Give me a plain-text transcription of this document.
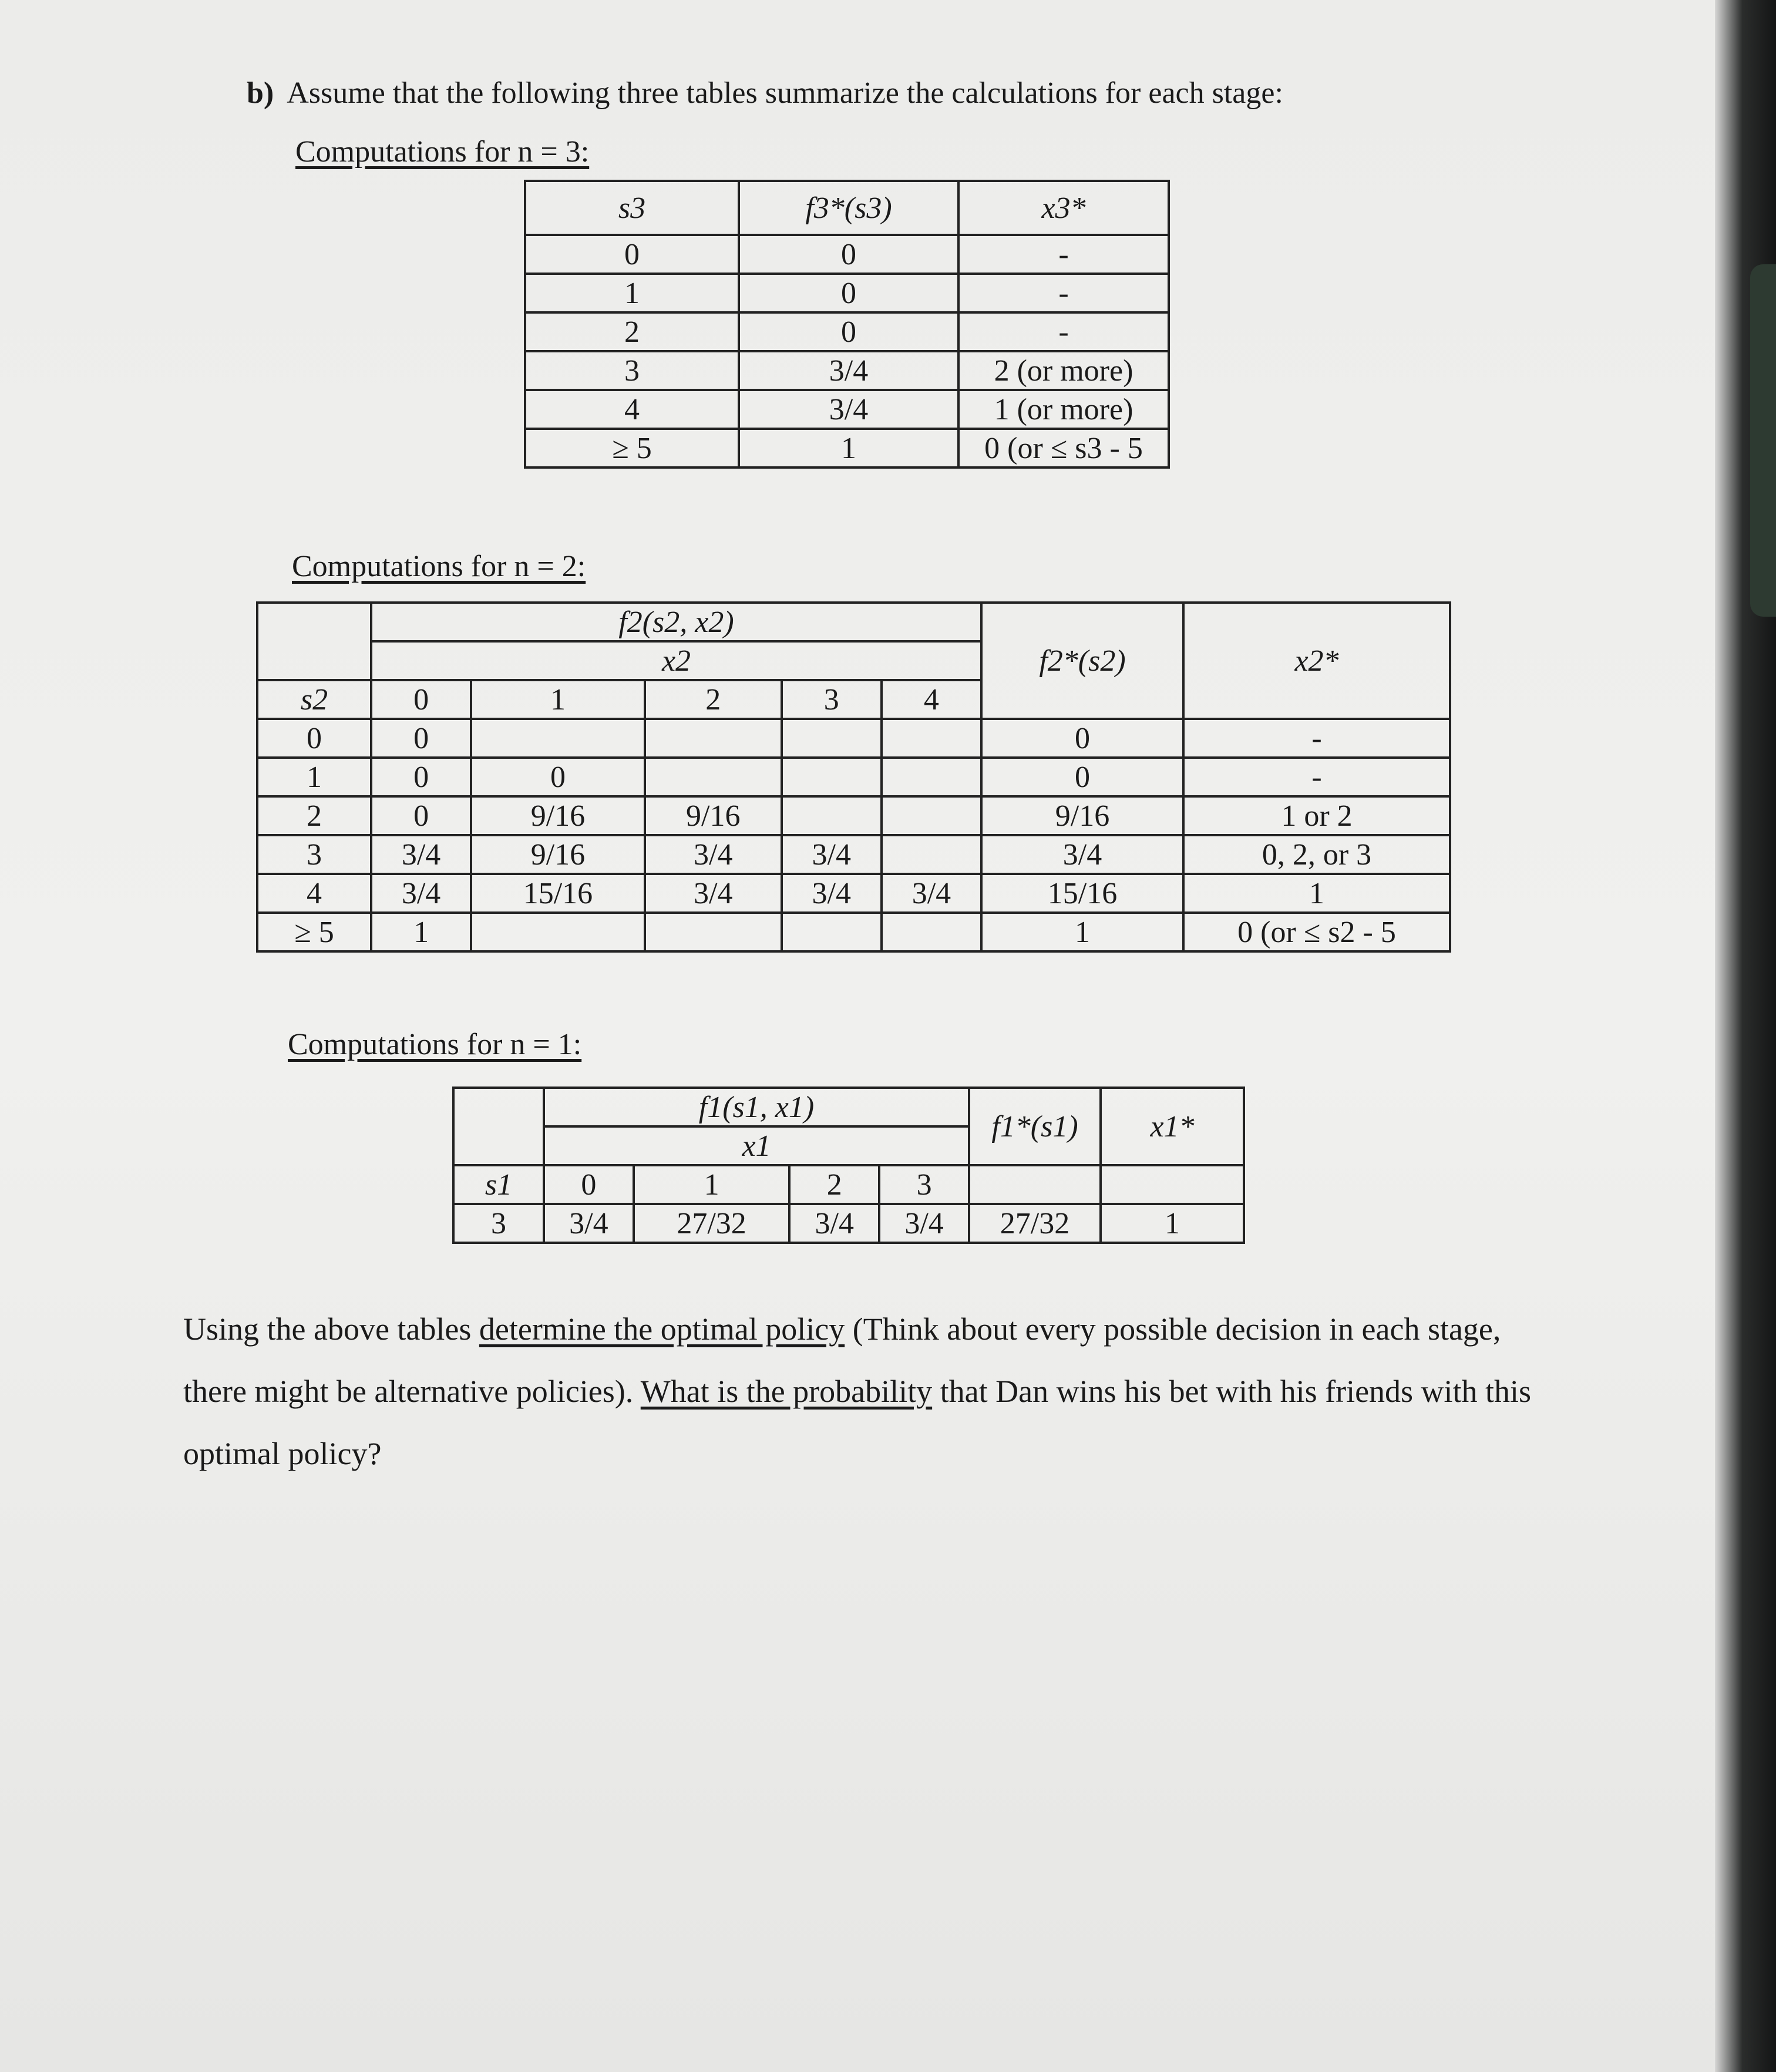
b) Assume that the following three tables summarize the calculations for each stage:
Computations for n = 3:
s3	f3*(s3)	x3*
0	0	-
1	0	-
2	0	-
3	3/4	2 (or more)
4	3/4	1 (or more)
≥ 5	1	0 (or ≤ s3 - 5
Computations for n = 2:
	f2(s2, x2)					f2*(s2)	x2*
	x2						
s2	0	1	2	3	4		
0	0					0	-
1	0	0				0	-
2	0	9/16	9/16			9/16	1 or 2
3	3/4	9/16	3/4	3/4		3/4	0, 2, or 3
4	3/4	15/16	3/4	3/4	3/4	15/16	1
≥ 5	1					1	0 (or ≤ s2 - 5
Computations for n = 1:
	f1(s1, x1)				f1*(s1)	x1*
	x1					
s1	0	1	2	3		
3	3/4	27/32	3/4	3/4	27/32	1

Using the above tables determine the optimal policy (Think about every possible decision in each stage, there might be alternative policies). What is the probability that Dan wins his bet with his friends with this optimal policy?
